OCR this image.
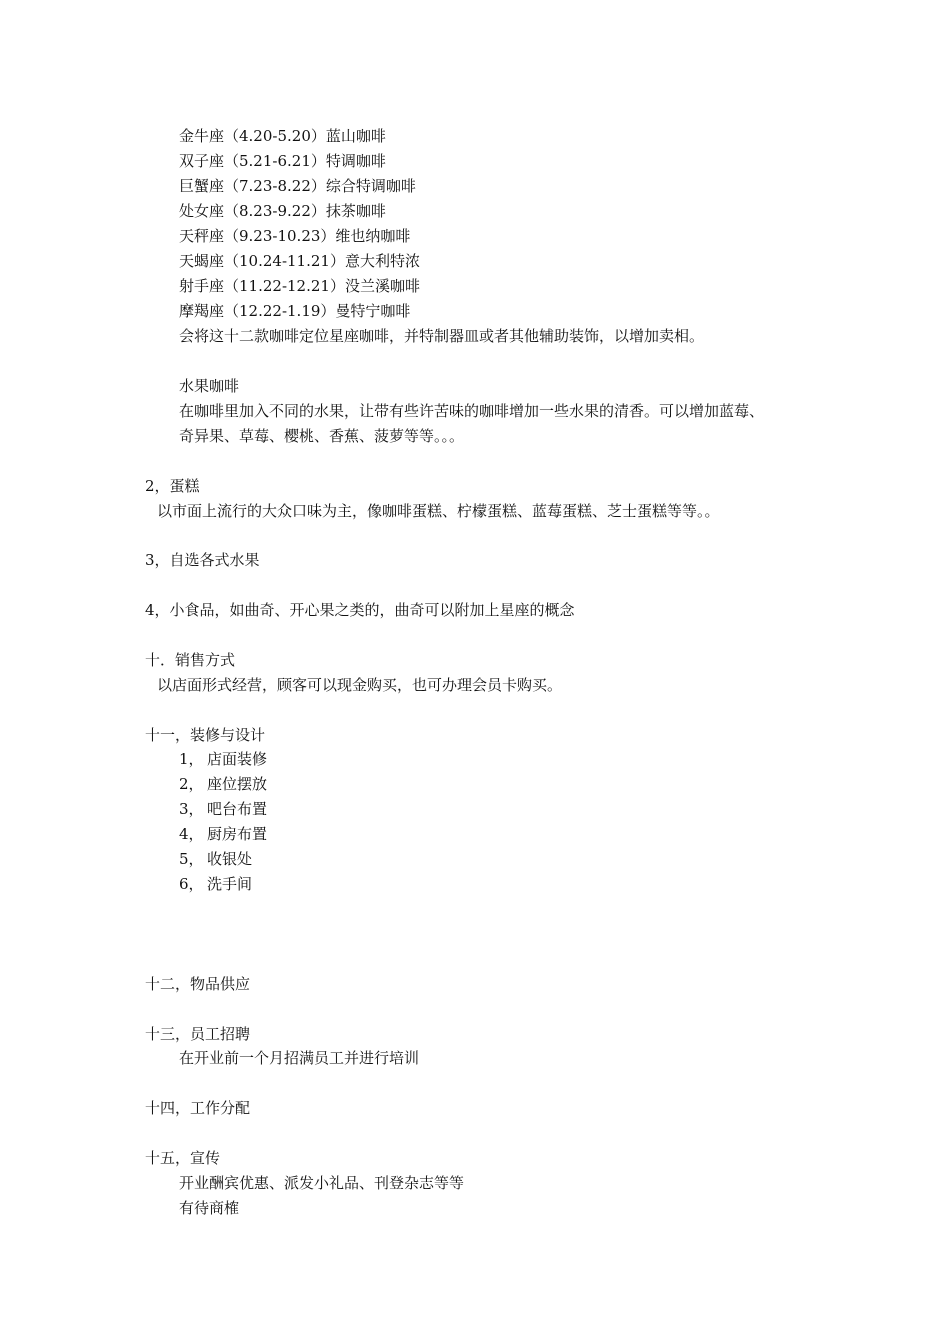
金牛座（4.20-5.20）蓝山咖啡
双子座（5.21-6.21）特调咖啡
巨蟹座（7.23-8.22）综合特调咖啡
处女座（8.23-9.22）抹茶咖啡
天秤座（9.23-10.23）维也纳咖啡
天蝎座（10.24-11.21）意大利特浓
射手座（11.22-12.21）没兰溪咖啡
摩羯座（12.22-1.19）曼特宁咖啡
会将这十二款咖啡定位星座咖啡，并特制器皿或者其他辅助装饰，以增加卖相。
水果咖啡
在咖啡里加入不同的水果，让带有些许苦味的咖啡增加一些水果的清香。可以增加蓝莓、
奇异果、草莓、樱桃、香蕉、菠萝等等。。。
2，蛋糕
以市面上流行的大众口味为主，像咖啡蛋糕、柠檬蛋糕、蓝莓蛋糕、芝士蛋糕等等。。
3，自选各式水果
4，小食品，如曲奇、开心果之类的，曲奇可以附加上星座的概念
十．销售方式
以店面形式经营，顾客可以现金购买，也可办理会员卡购买。
十一，装修与设计
1， 店面装修
2， 座位摆放
3， 吧台布置
4， 厨房布置
5， 收银处
6， 洗手间
十二，物品供应
十三，员工招聘
在开业前一个月招满员工并进行培训
十四，工作分配
十五，宣传
开业酬宾优惠、派发小礼品、刊登杂志等等
有待商榷
